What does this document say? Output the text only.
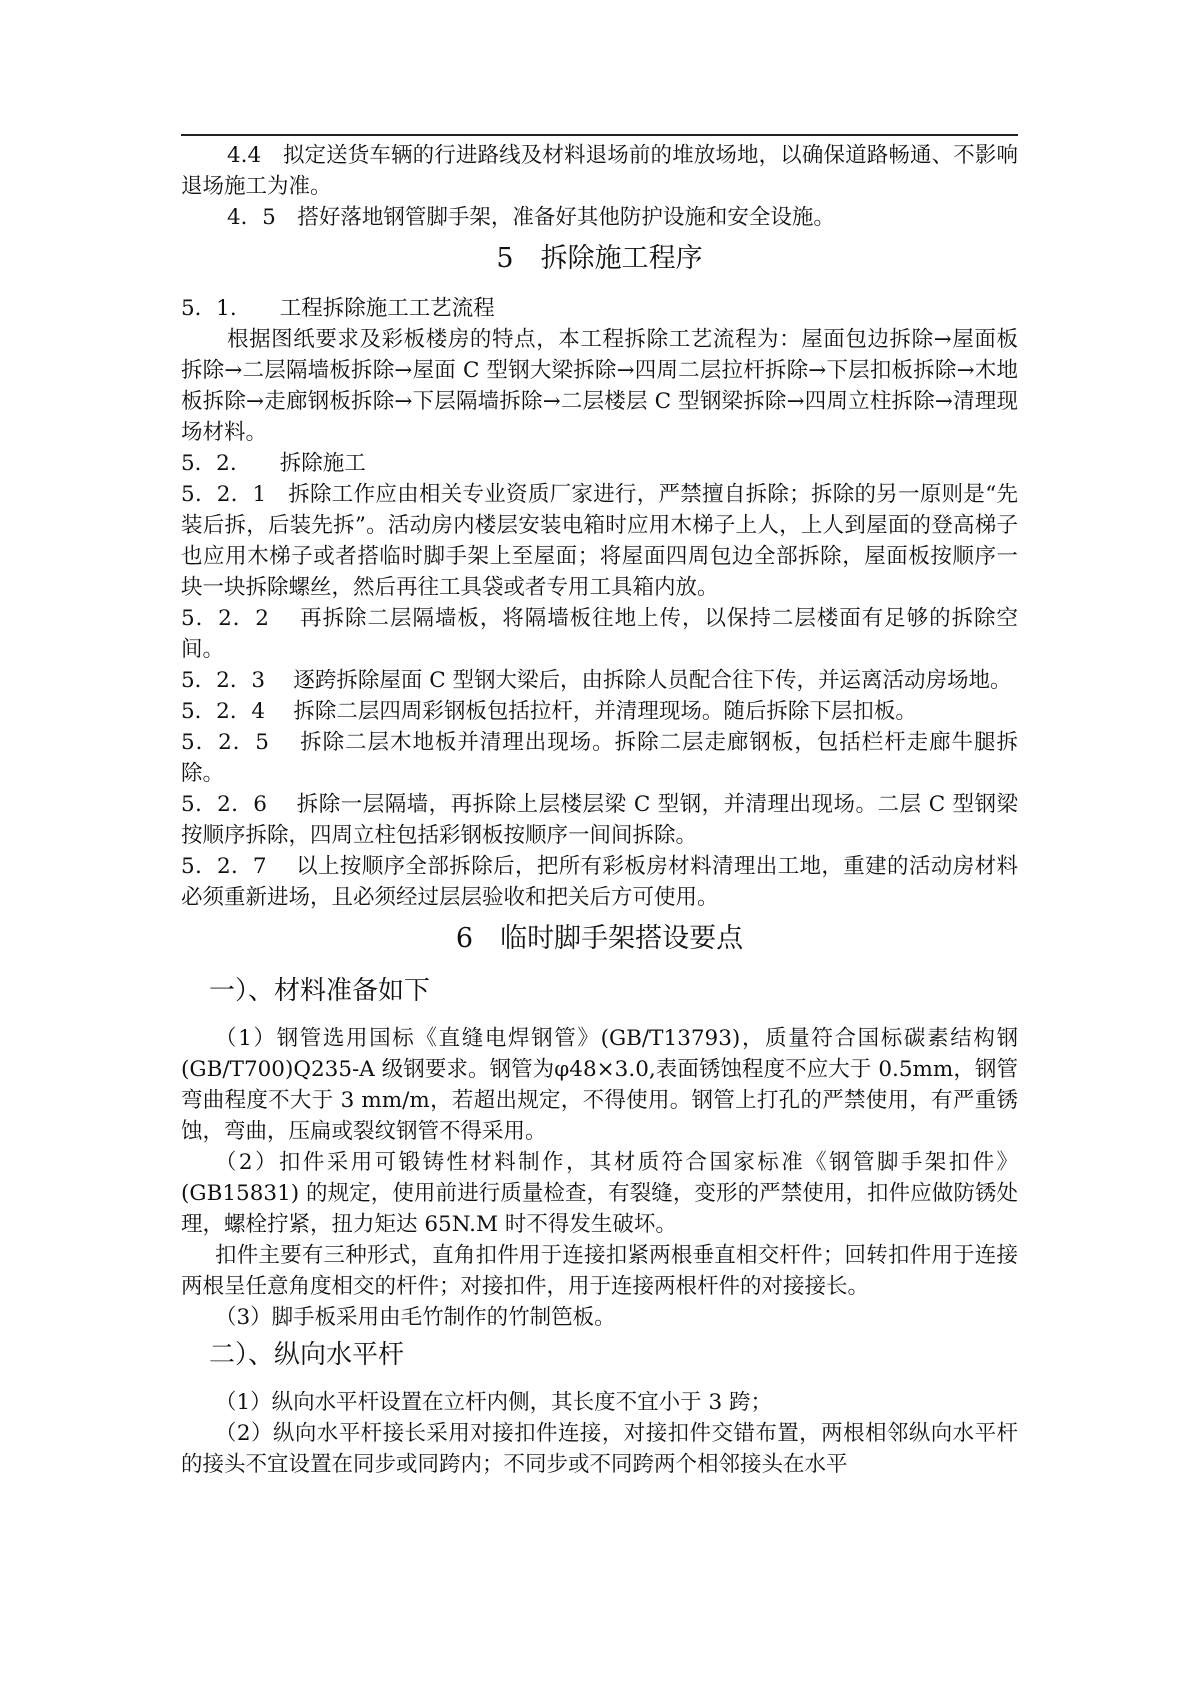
4.4　拟定送货车辆的行进路线及材料退场前的堆放场地，以确保道路畅通、不影响退场施工为准。

4．5　搭好落地钢管脚手架，准备好其他防护设施和安全设施。

5　拆除施工程序

5．1.　　工程拆除施工工艺流程

根据图纸要求及彩板楼房的特点，本工程拆除工艺流程为：屋面包边拆除→屋面板拆除→二层隔墙板拆除→屋面 C 型钢大梁拆除→四周二层拉杆拆除→下层扣板拆除→木地板拆除→走廊钢板拆除→下层隔墙拆除→二层楼层 C 型钢梁拆除→四周立柱拆除→清理现场材料。

5．2.　　拆除施工

5．2．1　拆除工作应由相关专业资质厂家进行，严禁擅自拆除；拆除的另一原则是“先装后拆，后装先拆”。活动房内楼层安装电箱时应用木梯子上人，上人到屋面的登高梯子也应用木梯子或者搭临时脚手架上至屋面；将屋面四周包边全部拆除，屋面板按顺序一块一块拆除螺丝，然后再往工具袋或者专用工具箱内放。

5．2．2　 再拆除二层隔墙板，将隔墙板往地上传，以保持二层楼面有足够的拆除空间。

5．2．3　 逐跨拆除屋面 C 型钢大梁后，由拆除人员配合往下传，并运离活动房场地。

5．2．4　 拆除二层四周彩钢板包括拉杆，并清理现场。随后拆除下层扣板。

5．2．5　 拆除二层木地板并清理出现场。拆除二层走廊钢板，包括栏杆走廊牛腿拆除。

5．2．6　 拆除一层隔墙，再拆除上层楼层梁 C 型钢，并清理出现场。二层 C 型钢梁按顺序拆除，四周立柱包括彩钢板按顺序一间间拆除。

5．2．7　 以上按顺序全部拆除后，把所有彩板房材料清理出工地，重建的活动房材料必须重新进场，且必须经过层层验收和把关后方可使用。

6　临时脚手架搭设要点
一）、材料准备如下

（1）钢管选用国标《直缝电焊钢管》(GB/T13793)，质量符合国标碳素结构钢(GB/T700)Q235-A 级钢要求。钢管为φ48×3.0,表面锈蚀程度不应大于 0.5mm，钢管弯曲程度不大于 3 mm/m，若超出规定，不得使用。钢管上打孔的严禁使用，有严重锈蚀，弯曲，压扁或裂纹钢管不得采用。

（2）扣件采用可锻铸性材料制作，其材质符合国家标准《钢管脚手架扣件》(GB15831) 的规定，使用前进行质量检查，有裂缝，变形的严禁使用，扣件应做防锈处理，螺栓拧紧，扭力矩达 65N.M 时不得发生破坏。

扣件主要有三种形式，直角扣件用于连接扣紧两根垂直相交杆件；回转扣件用于连接两根呈任意角度相交的杆件；对接扣件，用于连接两根杆件的对接接长。

（3）脚手板采用由毛竹制作的竹制笆板。

二）、纵向水平杆

（1）纵向水平杆设置在立杆内侧，其长度不宜小于 3 跨；

（2）纵向水平杆接长采用对接扣件连接，对接扣件交错布置，两根相邻纵向水平杆的接头不宜设置在同步或同跨内；不同步或不同跨两个相邻接头在水平
